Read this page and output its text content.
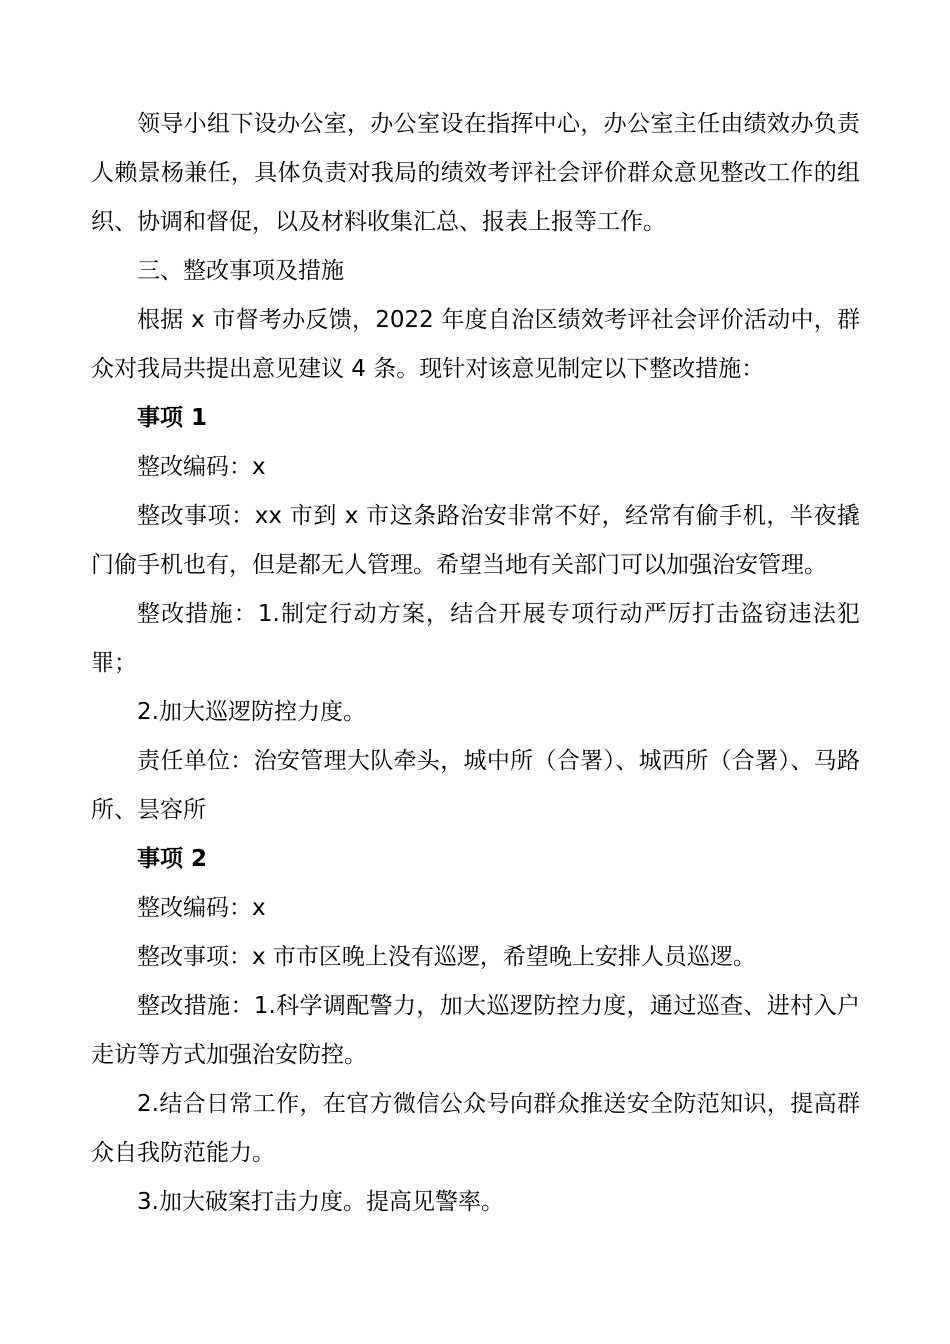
领导小组下设办公室，办公室设在指挥中心，办公室主任由绩效办负责人赖景杨兼任，具体负责对我局的绩效考评社会评价群众意见整改工作的组织、协调和督促，以及材料收集汇总、报表上报等工作。

三、整改事项及措施

根据 x 市督考办反馈，2022 年度自治区绩效考评社会评价活动中，群众对我局共提出意见建议 4 条。现针对该意见制定以下整改措施：

事项 1

整改编码：x

整改事项：xx 市到 x 市这条路治安非常不好，经常有偷手机，半夜撬门偷手机也有，但是都无人管理。希望当地有关部门可以加强治安管理。

整改措施：1.制定行动方案，结合开展专项行动严厉打击盗窃违法犯罪；

2.加大巡逻防控力度。

责任单位：治安管理大队牵头，城中所（合署）、城西所（合署）、马路所、昙容所

事项 2

整改编码：x

整改事项：x 市市区晚上没有巡逻，希望晚上安排人员巡逻。

整改措施：1.科学调配警力，加大巡逻防控力度，通过巡查、进村入户走访等方式加强治安防控。

2.结合日常工作，在官方微信公众号向群众推送安全防范知识，提高群众自我防范能力。

3.加大破案打击力度。提高见警率。
